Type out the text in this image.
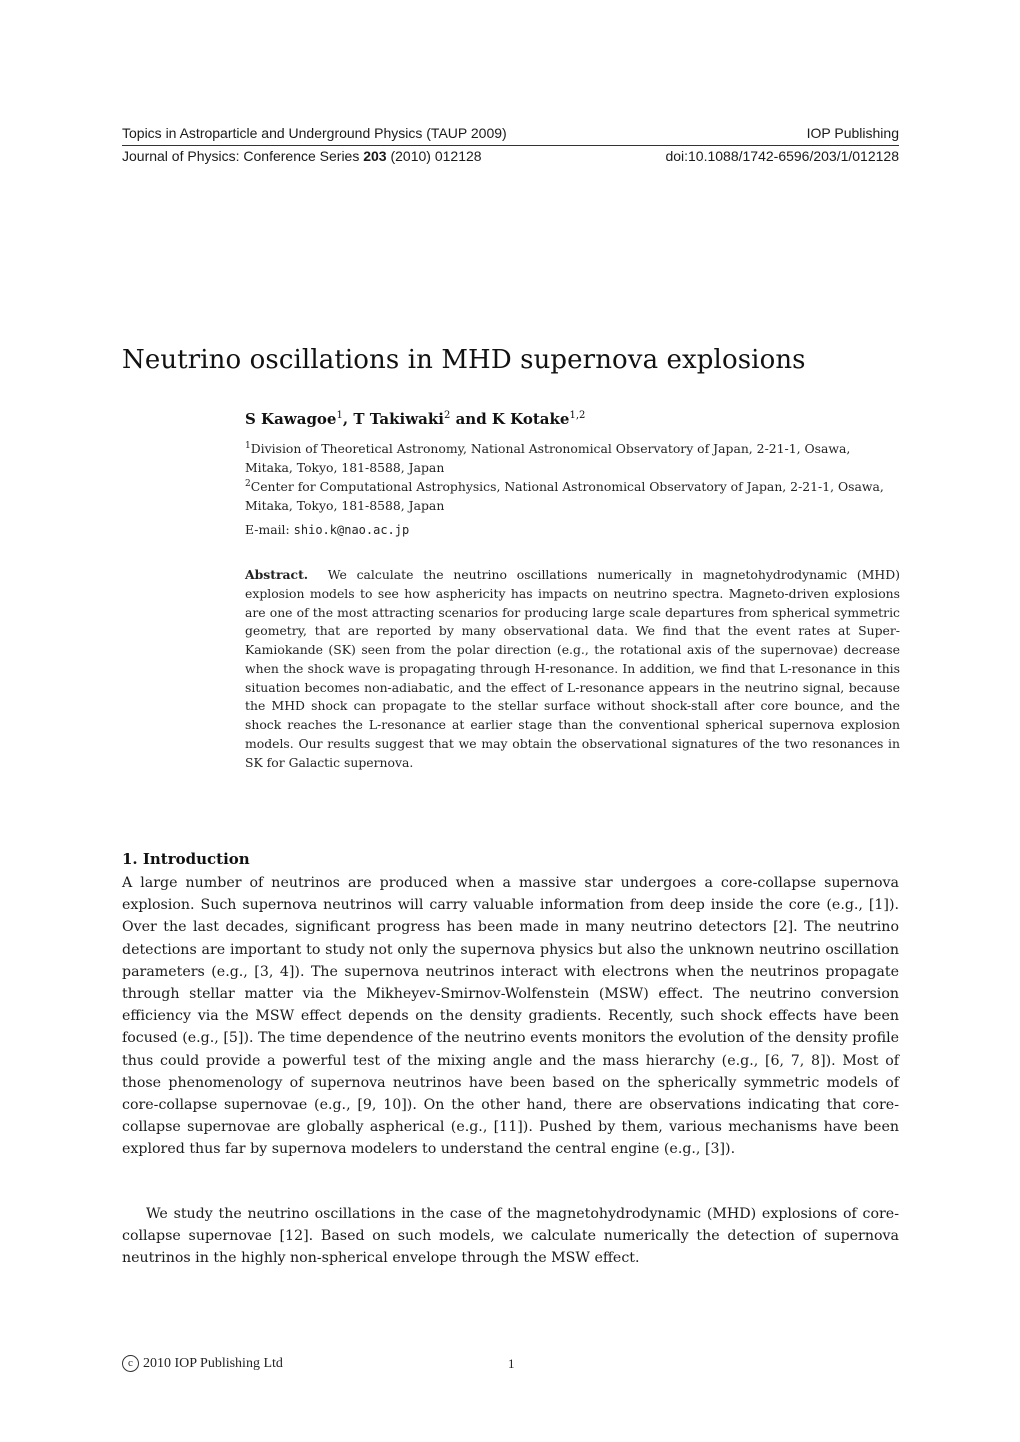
Topics in Astroparticle and Underground Physics (TAUP 2009)	IOP Publishing
Journal of Physics: Conference Series 203 (2010) 012128	doi:10.1088/1742-6596/203/1/012128
Neutrino oscillations in MHD supernova explosions
S Kawagoe$^1$, T Takiwaki$^2$ and K Kotake$^{1,2}$
$^1$Division of Theoretical Astronomy, National Astronomical Observatory of Japan, 2-21-1, Osawa, Mitaka, Tokyo, 181-8588, Japan
$^2$Center for Computational Astrophysics, National Astronomical Observatory of Japan, 2-21-1, Osawa, Mitaka, Tokyo, 181-8588, Japan
E-mail: shio.k@nao.ac.jp
Abstract. We calculate the neutrino oscillations numerically in magnetohydrodynamic (MHD) explosion models to see how asphericity has impacts on neutrino spectra. Magneto-driven explosions are one of the most attracting scenarios for producing large scale departures from spherical symmetric geometry, that are reported by many observational data. We find that the event rates at Super-Kamiokande (SK) seen from the polar direction (e.g., the rotational axis of the supernovae) decrease when the shock wave is propagating through H-resonance. In addition, we find that L-resonance in this situation becomes non-adiabatic, and the effect of L-resonance appears in the neutrino signal, because the MHD shock can propagate to the stellar surface without shock-stall after core bounce, and the shock reaches the L-resonance at earlier stage than the conventional spherical supernova explosion models. Our results suggest that we may obtain the observational signatures of the two resonances in SK for Galactic supernova.
1. Introduction
A large number of neutrinos are produced when a massive star undergoes a core-collapse supernova explosion. Such supernova neutrinos will carry valuable information from deep inside the core (e.g., [1]). Over the last decades, significant progress has been made in many neutrino detectors [2]. The neutrino detections are important to study not only the supernova physics but also the unknown neutrino oscillation parameters (e.g., [3, 4]). The supernova neutrinos interact with electrons when the neutrinos propagate through stellar matter via the Mikheyev-Smirnov-Wolfenstein (MSW) effect. The neutrino conversion efficiency via the MSW effect depends on the density gradients. Recently, such shock effects have been focused (e.g., [5]). The time dependence of the neutrino events monitors the evolution of the density profile thus could provide a powerful test of the mixing angle and the mass hierarchy (e.g., [6, 7, 8]). Most of those phenomenology of supernova neutrinos have been based on the spherically symmetric models of core-collapse supernovae (e.g., [9, 10]). On the other hand, there are observations indicating that core-collapse supernovae are globally aspherical (e.g., [11]). Pushed by them, various mechanisms have been explored thus far by supernova modelers to understand the central engine (e.g., [3]).
We study the neutrino oscillations in the case of the magnetohydrodynamic (MHD) explosions of core-collapse supernovae [12]. Based on such models, we calculate numerically the detection of supernova neutrinos in the highly non-spherical envelope through the MSW effect.
c 2010 IOP Publishing Ltd	1
